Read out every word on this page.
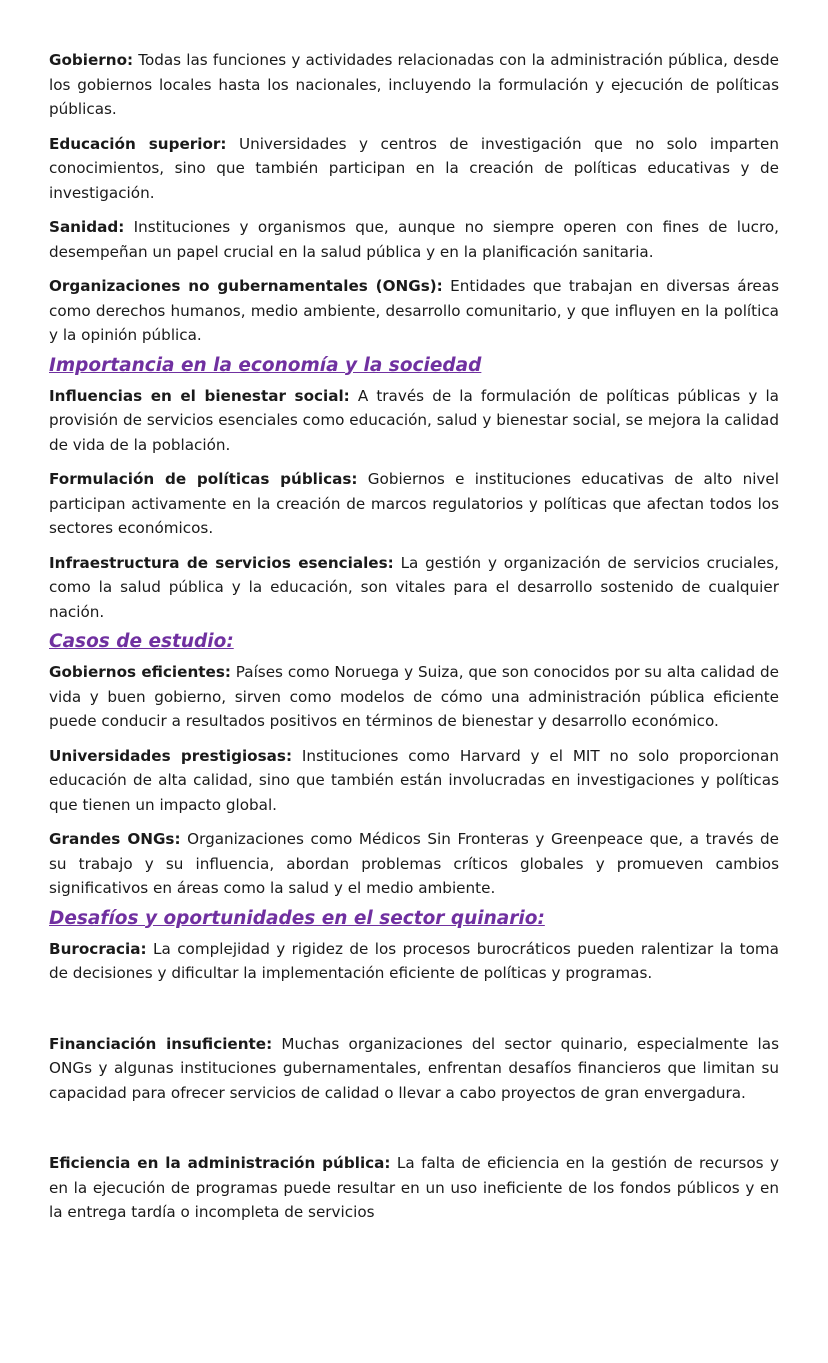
Gobierno: Todas las funciones y actividades relacionadas con la administración pública, desde los gobiernos locales hasta los nacionales, incluyendo la formulación y ejecución de políticas públicas.

Educación superior: Universidades y centros de investigación que no solo imparten conocimientos, sino que también participan en la creación de políticas educativas y de investigación.

Sanidad: Instituciones y organismos que, aunque no siempre operen con fines de lucro, desempeñan un papel crucial en la salud pública y en la planificación sanitaria.

Organizaciones no gubernamentales (ONGs): Entidades que trabajan en diversas áreas como derechos humanos, medio ambiente, desarrollo comunitario, y que influyen en la política y la opinión pública.

Importancia en la economía y la sociedad

Influencias en el bienestar social: A través de la formulación de políticas públicas y la provisión de servicios esenciales como educación, salud y bienestar social, se mejora la calidad de vida de la población.

Formulación de políticas públicas: Gobiernos e instituciones educativas de alto nivel participan activamente en la creación de marcos regulatorios y políticas que afectan todos los sectores económicos.

Infraestructura de servicios esenciales: La gestión y organización de servicios cruciales, como la salud pública y la educación, son vitales para el desarrollo sostenido de cualquier nación.

Casos de estudio:

Gobiernos eficientes: Países como Noruega y Suiza, que son conocidos por su alta calidad de vida y buen gobierno, sirven como modelos de cómo una administración pública eficiente puede conducir a resultados positivos en términos de bienestar y desarrollo económico.

Universidades prestigiosas: Instituciones como Harvard y el MIT no solo proporcionan educación de alta calidad, sino que también están involucradas en investigaciones y políticas que tienen un impacto global.

Grandes ONGs: Organizaciones como Médicos Sin Fronteras y Greenpeace que, a través de su trabajo y su influencia, abordan problemas críticos globales y promueven cambios significativos en áreas como la salud y el medio ambiente.

Desafíos y oportunidades en el sector quinario:

Burocracia: La complejidad y rigidez de los procesos burocráticos pueden ralentizar la toma de decisiones y dificultar la implementación eficiente de políticas y programas.

Financiación insuficiente: Muchas organizaciones del sector quinario, especialmente las ONGs y algunas instituciones gubernamentales, enfrentan desafíos financieros que limitan su capacidad para ofrecer servicios de calidad o llevar a cabo proyectos de gran envergadura.

Eficiencia en la administración pública: La falta de eficiencia en la gestión de recursos y en la ejecución de programas puede resultar en un uso ineficiente de los fondos públicos y en la entrega tardía o incompleta de servicios
